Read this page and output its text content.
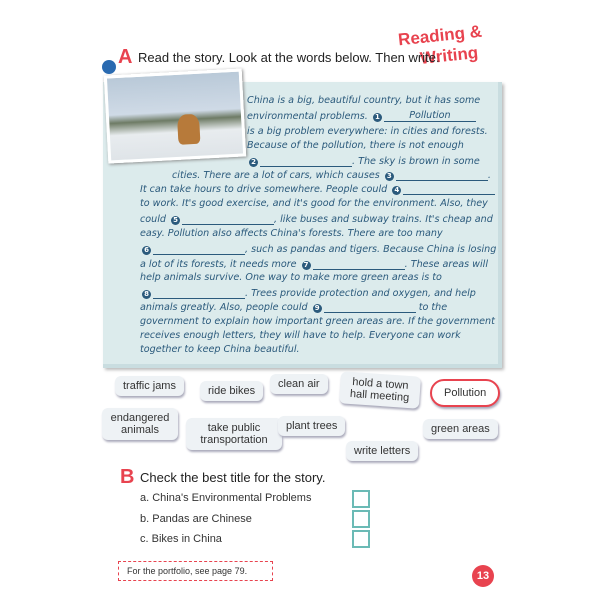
Reading &
Writing
A Read the story. Look at the words below. Then write.
China is a big, beautiful country, but it has some
environmental problems. 1	Pollution
is a big problem everywhere: in cities and forests.
Because of the pollution, there is not enough
2	. The sky is brown in some
cities. There are a lot of cars, which causes 3	.
It can take hours to drive somewhere. People could 4
to work. It's good exercise, and it's good for the environment. Also, they
could 5	, like buses and subway trains. It's cheap and
easy. Pollution also affects China's forests. There are too many
6	, such as pandas and tigers. Because China is losing
a lot of its forests, it needs more 7	. These areas will
help animals survive. One way to make more green areas is to
8	. Trees provide protection and oxygen, and help
animals greatly. Also, people could 9	to the
government to explain how important green areas are. If the government
receives enough letters, they will have to help. Everyone can work
together to keep China beautiful.
traffic jams	ride bikes
clean air	hold a town hall meeting	Pollution
endangered animals	take public transportation
plant trees	green areas
write letters
B Check the best title for the story.
a. China's Environmental Problems
b. Pandas are Chinese
c. Bikes in China
For the portfolio, see page 79.	13
